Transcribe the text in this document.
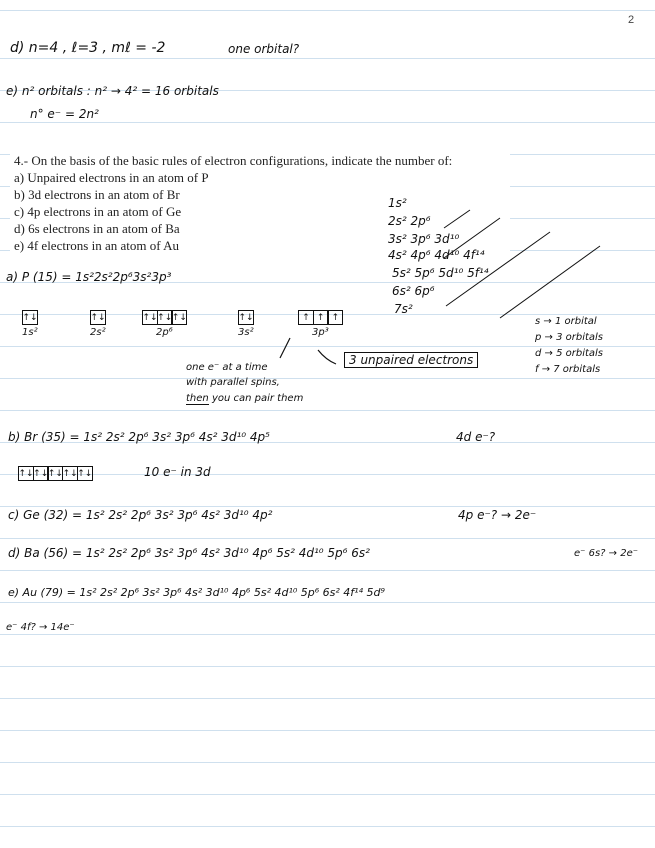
2
d) n=4 , ℓ=3 , mℓ = -2	one orbital?
e) n² orbitals : n² → 4² = 16 orbitals
n° e⁻ = 2n²
4.- On the basis of the basic rules of electron configurations, indicate the number of:
a) Unpaired electrons in an atom of P
b) 3d electrons in an atom of Br
c) 4p electrons in an atom of Ge
d) 6s electrons in an atom of Ba
e) 4f electrons in an atom of Au
1s²
2s² 2p⁶
3s² 3p⁶ 3d¹⁰
4s² 4p⁶ 4d¹⁰ 4f¹⁴
5s² 5p⁶ 5d¹⁰ 5f¹⁴
6s² 6p⁶
7s²
s → 1 orbital
p → 3 orbitals
d → 5 orbitals
f → 7 orbitals
a) P (15) = 1s²2s²2p⁶3s²3p³
↑↓
1s²
↑↓
2s²
↑↓ ↑↓ ↑↓
2p⁶
↑↓
3s²
↑ ↑ ↑
3p³
3 unpaired electrons
one e⁻ at a time
with parallel spins,
then you can pair them
b) Br (35) = 1s² 2s² 2p⁶ 3s² 3p⁶ 4s² 3d¹⁰ 4p⁵	4d e⁻?
↑↓ ↑↓ ↑↓ ↑↓ ↑↓	10 e⁻ in 3d
c) Ge (32) = 1s² 2s² 2p⁶ 3s² 3p⁶ 4s² 3d¹⁰ 4p²	4p e⁻? → 2e⁻
d) Ba (56) = 1s² 2s² 2p⁶ 3s² 3p⁶ 4s² 3d¹⁰ 4p⁶ 5s² 4d¹⁰ 5p⁶ 6s²	e⁻ 6s? → 2e⁻
e) Au (79) = 1s² 2s² 2p⁶ 3s² 3p⁶ 4s² 3d¹⁰ 4p⁶ 5s² 4d¹⁰ 5p⁶ 6s² 4f¹⁴ 5d⁹
e⁻ 4f? → 14e⁻
